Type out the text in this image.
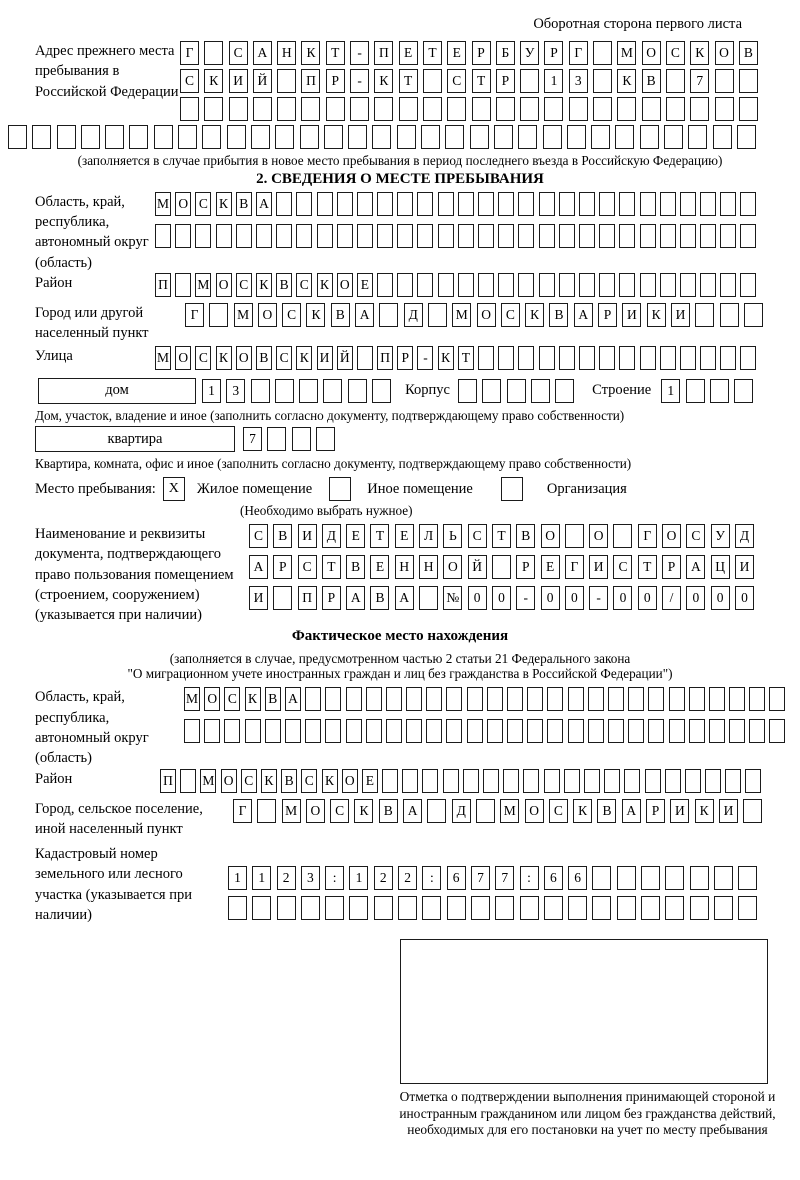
Оборотная сторона первого листа
Адрес прежнего места пребывания в Российской Федерации
Г	С	А	Н	К	Т	-	П	Е	Т	Е	Р	Б	У	Р	Г	М О	С	К	О	В
С	К	И	Й	П	Р	-	К	Т	С	Т	Р	1	3	К	В	7
(заполняется в случае прибытия в новое место пребывания в период последнего въезда в Российскую Федерацию)
2. СВЕДЕНИЯ О МЕСТЕ ПРЕБЫВАНИЯ
Область, край, республика, автономный округ (область)
М О С К В А
Район	П М О С К В С К О Е
Город или другой населенный пункт
Г	М О	С	К	В	А	Д	М О	С	К	В	А	Р	И	К	И
Улица	М О С К О В С К И Й П Р	- К Т
дом	1	3	Корпус	Строение	1
Дом, участок, владение и иное (заполнить согласно документу, подтверждающему право собственности)
квартира	7
Квартира, комната, офис и иное (заполнить согласно документу, подтверждающему право собственности)
Место пребывания: X	Жилое помещение	Иное помещение	Организация
(Необходимо выбрать нужное)
Наименование и реквизиты документа, подтверждающего право пользования помещением (строением, сооружением) (указывается при наличии)
С	В	И	Д	Е	Т	Е	Л	Ь	С	Т	В	О	О	Г	О	С	У	Д
А	Р	С	Т	В	Е	Н	Н	О	Й	Р	Е	Г	И	С	Т	Р	А	Ц	И
И	П	Р	А	В	А	№	0	0	-	0	0	-	0	0	/	0	0	0
Фактическое место нахождения
(заполняется в случае, предусмотренном частью 2 статьи 21 Федерального закона
"О миграционном учете иностранных граждан и лиц без гражданства в Российской Федерации")
Область, край, республика, автономный округ (область)
М О С К В А
Район	П М О С К В С К О Е
Город, сельское поселение, иной населенный пункт
Г	М О	С	К	В	А	Д	М О	С	К	В	А	Р	И	К	И
Кадастровый номер земельного или лесного участка (указывается при наличии)
1	1	2	3	:	1	2	2	:	6	7	7	:	6	6
Отметка о подтверждении выполнения принимающей стороной и иностранным гражданином или лицом без гражданства действий, необходимых для его постановки на учет по месту пребывания
